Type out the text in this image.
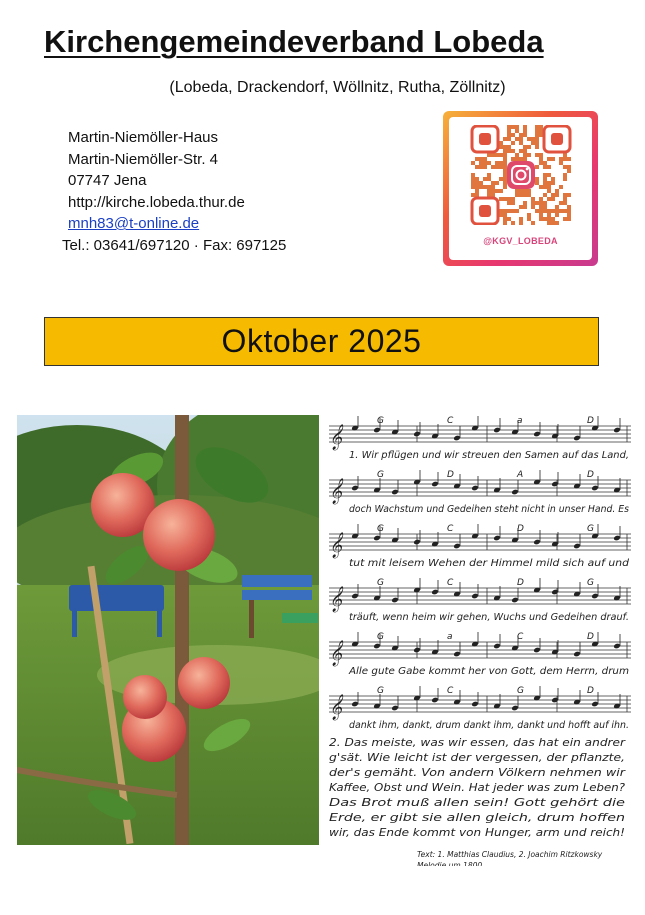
Kirchengemeindeverband Lobeda
(Lobeda, Drackendorf, Wöllnitz, Rutha, Zöllnitz)
Martin-Niemöller-Haus
Martin-Niemöller-Str. 4
07747 Jena
http://kirche.lobeda.thur.de
mnh83@t-online.de
Tel.: 03641/697120 · Fax: 697125	@KGV_LOBEDA
Oktober 2025
𝄞
G	C	a	D
1. Wir pflügen und wir streuen den Samen auf das Land,
𝄞
G	D	A	D
doch Wachstum und Gedeihen steht nicht in unser Hand. Es
𝄞
G	C	D	G
tut mit leisem Wehen der Himmel mild sich auf und
𝄞
G	C	D	G
träuft, wenn heim wir gehen, Wuchs und Gedeihen drauf.
𝄞
G	a	C	D
Alle gute Gabe kommt her von Gott, dem Herrn, drum
𝄞
G	C	G	D
dankt ihm, dankt, drum dankt ihm, dankt und hofft auf ihn.
2. Das meiste, was wir essen, das hat ein andrer
g'sät. Wie leicht ist der vergessen, der pflanzte,
der's gemäht. Von andern Völkern nehmen wir
Kaffee, Obst und Wein. Hat jeder was zum Leben?
Das Brot muß allen sein! Gott gehört die
Erde, er gibt sie allen gleich, drum hoffen
wir, das Ende kommt von Hunger, arm und reich!
Text: 1. Matthias Claudius, 2. Joachim Ritzkowsky
Melodie um 1800
